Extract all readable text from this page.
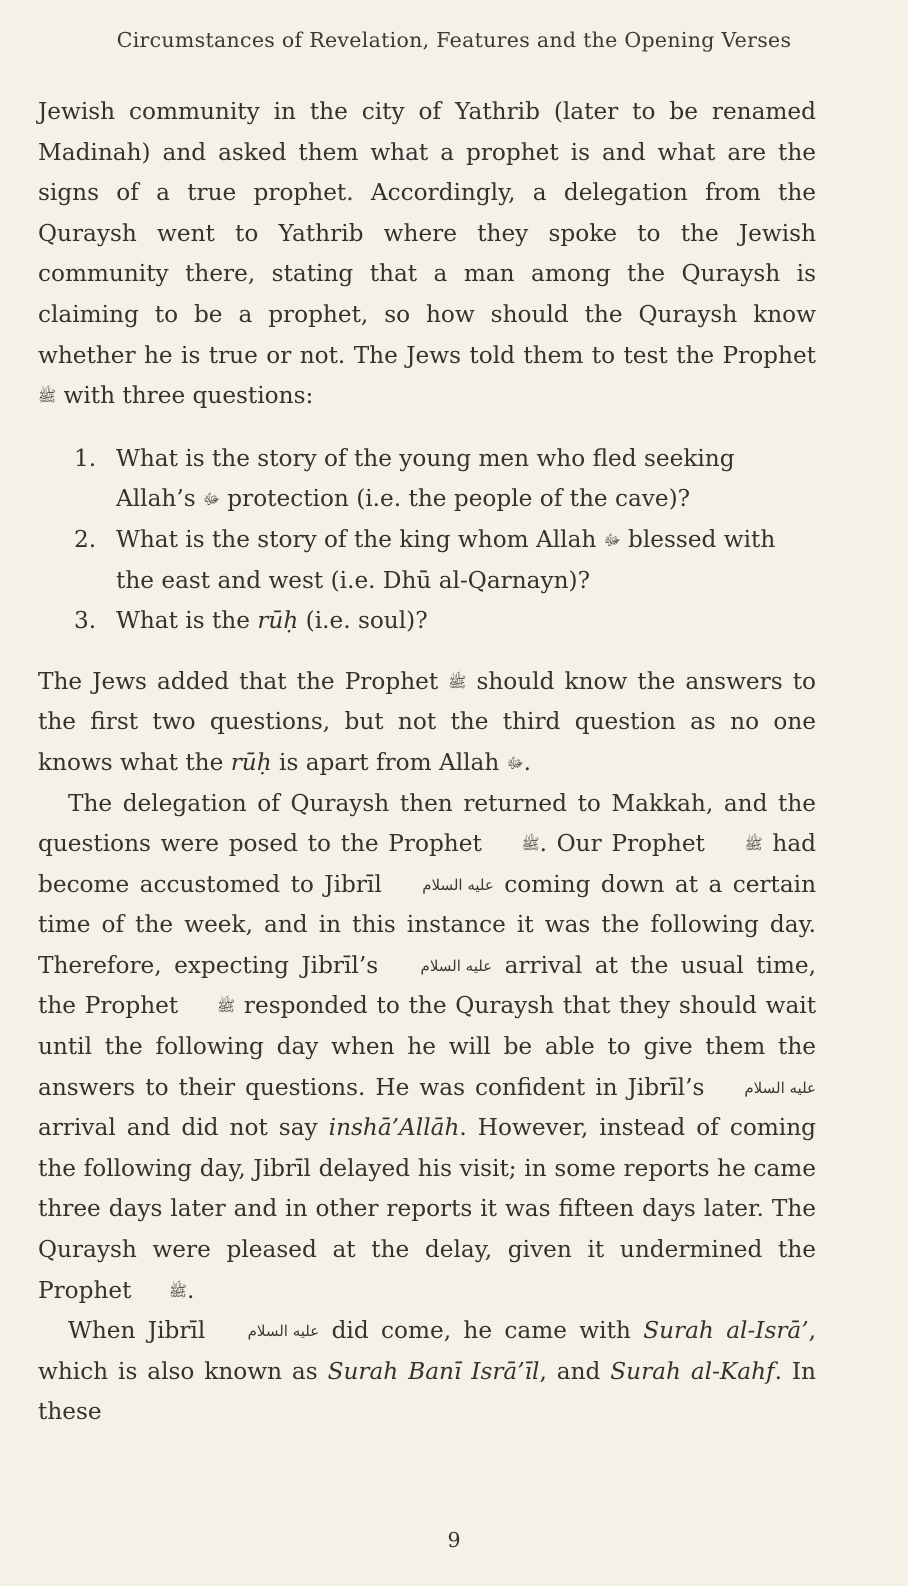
Circumstances of Revelation, Features and the Opening Verses

Jewish community in the city of Yathrib (later to be renamed Madinah) and asked them what a prophet is and what are the signs of a true prophet. Accordingly, a delegation from the Quraysh went to Yathrib where they spoke to the Jewish community there, stating that a man among the Quraysh is claiming to be a prophet, so how should the Quraysh know whether he is true or not. The Jews told them to test the Prophet ﷺ with three questions:

1. What is the story of the young men who fled seeking Allah’s ﷻ protection (i.e. the people of the cave)?
2. What is the story of the king whom Allah ﷻ blessed with the east and west (i.e. Dhū al-Qarnayn)?
3. What is the rūḥ (i.e. soul)?

The Jews added that the Prophet ﷺ should know the answers to the first two questions, but not the third question as no one knows what the rūḥ is apart from Allah ﷻ.

The delegation of Quraysh then returned to Makkah, and the questions were posed to the Prophet	ﷺ. Our Prophet	ﷺ had become accustomed to Jibrīl	عليه السلام coming down at a certain time of the week, and in this instance it was the following day. Therefore, expecting Jibrīl’s	عليه السلام arrival at the usual time, the Prophet	ﷺ responded to the Quraysh that they should wait until the following day when he will be able to give them the answers to their questions. He was confident in Jibrīl’s	عليه السلام arrival and did not say inshā’Allāh. However, instead of coming the following day, Jibrīl delayed his visit; in some reports he came three days later and in other reports it was fifteen days later. The Quraysh were pleased at the delay, given it undermined the Prophet ﷺ.

When Jibrīl	عليه السلام did come, he came with Surah al-Isrā’, which is also known as Surah Banī Isrā’īl, and Surah al-Kahf. In these

9
